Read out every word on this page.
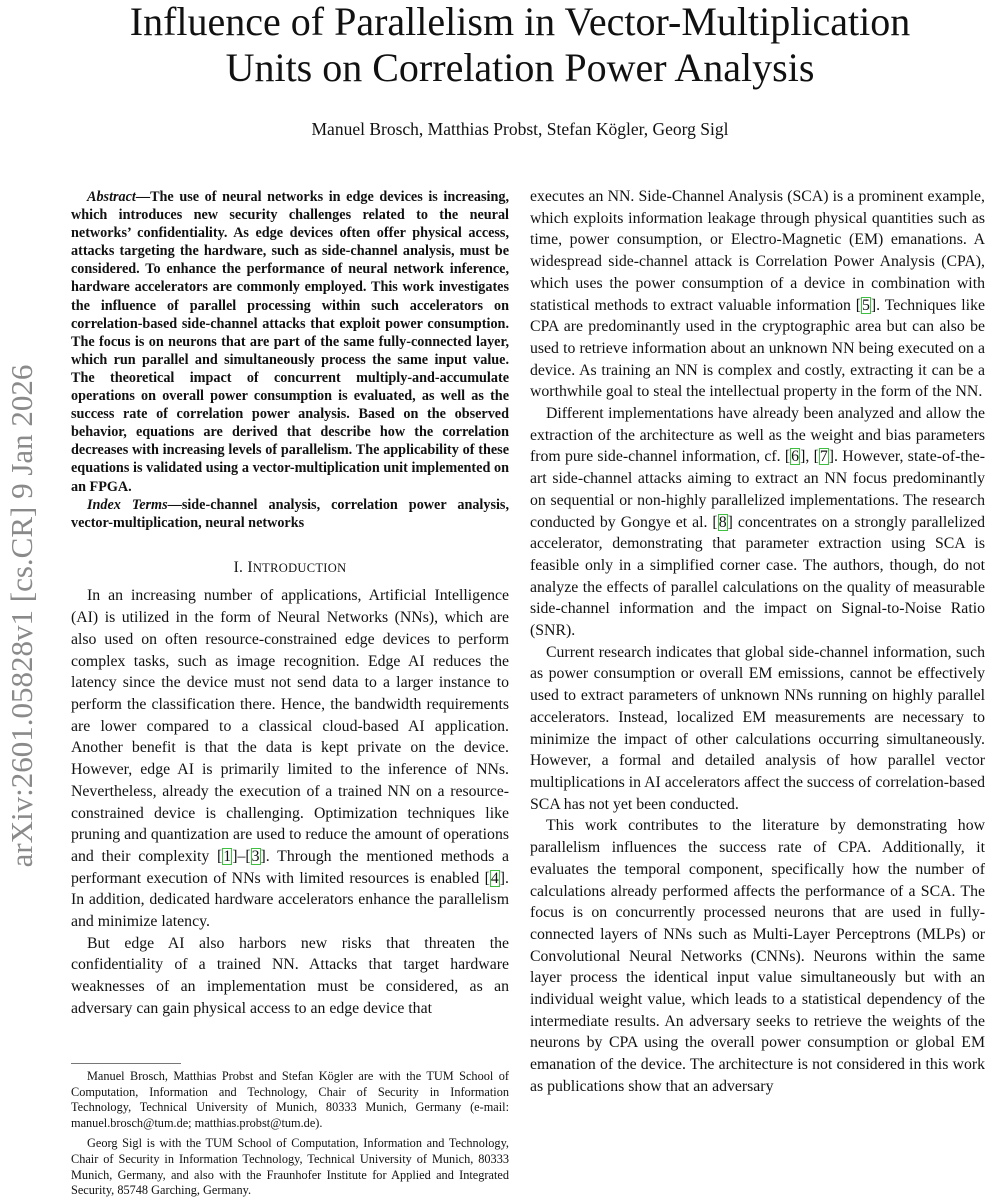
arXiv:2601.05828v1 [cs.CR] 9 Jan 2026
Influence of Parallelism in Vector-Multiplication
Units on Correlation Power Analysis
Manuel Brosch, Matthias Probst, Stefan Kögler, Georg Sigl

Abstract—The use of neural networks in edge devices is increasing, which introduces new security challenges related to the neural networks’ confidentiality. As edge devices often offer physical access, attacks targeting the hardware, such as side-channel analysis, must be considered. To enhance the performance of neural network inference, hardware accelerators are commonly employed. This work investigates the influence of parallel processing within such accelerators on correlation-based side-channel attacks that exploit power consumption. The focus is on neurons that are part of the same fully-connected layer, which run parallel and simultaneously process the same input value. The theoretical impact of concurrent multiply-and-accumulate operations on overall power consumption is evaluated, as well as the success rate of correlation power analysis. Based on the observed behavior, equations are derived that describe how the correlation decreases with increasing levels of parallelism. The applicability of these equations is validated using a vector-multiplication unit implemented on an FPGA.

Index Terms—side-channel analysis, correlation power analysis, vector-multiplication, neural networks

I. INTRODUCTION

In an increasing number of applications, Artificial Intelligence (AI) is utilized in the form of Neural Networks (NNs), which are also used on often resource-constrained edge devices to perform complex tasks, such as image recognition. Edge AI reduces the latency since the device must not send data to a larger instance to perform the classification there. Hence, the bandwidth requirements are lower compared to a classical cloud-based AI application. Another benefit is that the data is kept private on the device. However, edge AI is primarily limited to the inference of NNs. Nevertheless, already the execution of a trained NN on a resource-constrained device is challenging. Optimization techniques like pruning and quantization are used to reduce the amount of operations and their complexity [1]–[3]. Through the mentioned methods a performant execution of NNs with limited resources is enabled [4]. In addition, dedicated hardware accelerators enhance the parallelism and minimize latency.

But edge AI also harbors new risks that threaten the confidentiality of a trained NN. Attacks that target hardware weaknesses of an implementation must be considered, as an adversary can gain physical access to an edge device that

Manuel Brosch, Matthias Probst and Stefan Kögler are with the TUM School of Computation, Information and Technology, Chair of Security in Information Technology, Technical University of Munich, 80333 Munich, Germany (e-mail: manuel.brosch@tum.de; matthias.probst@tum.de).

Georg Sigl is with the TUM School of Computation, Information and Technology, Chair of Security in Information Technology, Technical University of Munich, 80333 Munich, Germany, and also with the Fraunhofer Institute for Applied and Integrated Security, 85748 Garching, Germany.

executes an NN. Side-Channel Analysis (SCA) is a prominent example, which exploits information leakage through physical quantities such as time, power consumption, or Electro-Magnetic (EM) emanations. A widespread side-channel attack is Correlation Power Analysis (CPA), which uses the power consumption of a device in combination with statistical methods to extract valuable information [5]. Techniques like CPA are predominantly used in the cryptographic area but can also be used to retrieve information about an unknown NN being executed on a device. As training an NN is complex and costly, extracting it can be a worthwhile goal to steal the intellectual property in the form of the NN.

Different implementations have already been analyzed and allow the extraction of the architecture as well as the weight and bias parameters from pure side-channel information, cf. [6], [7]. However, state-of-the-art side-channel attacks aiming to extract an NN focus predominantly on sequential or non-highly parallelized implementations. The research conducted by Gongye et al. [8] concentrates on a strongly parallelized accelerator, demonstrating that parameter extraction using SCA is feasible only in a simplified corner case. The authors, though, do not analyze the effects of parallel calculations on the quality of measurable side-channel information and the impact on Signal-to-Noise Ratio (SNR).

Current research indicates that global side-channel information, such as power consumption or overall EM emissions, cannot be effectively used to extract parameters of unknown NNs running on highly parallel accelerators. Instead, localized EM measurements are necessary to minimize the impact of other calculations occurring simultaneously. However, a formal and detailed analysis of how parallel vector multiplications in AI accelerators affect the success of correlation-based SCA has not yet been conducted.

This work contributes to the literature by demonstrating how parallelism influences the success rate of CPA. Additionally, it evaluates the temporal component, specifically how the number of calculations already performed affects the performance of a SCA. The focus is on concurrently processed neurons that are used in fully-connected layers of NNs such as Multi-Layer Perceptrons (MLPs) or Convolutional Neural Networks (CNNs). Neurons within the same layer process the identical input value simultaneously but with an individual weight value, which leads to a statistical dependency of the intermediate results. An adversary seeks to retrieve the weights of the neurons by CPA using the overall power consumption or global EM emanation of the device. The architecture is not considered in this work as publications show that an adversary
